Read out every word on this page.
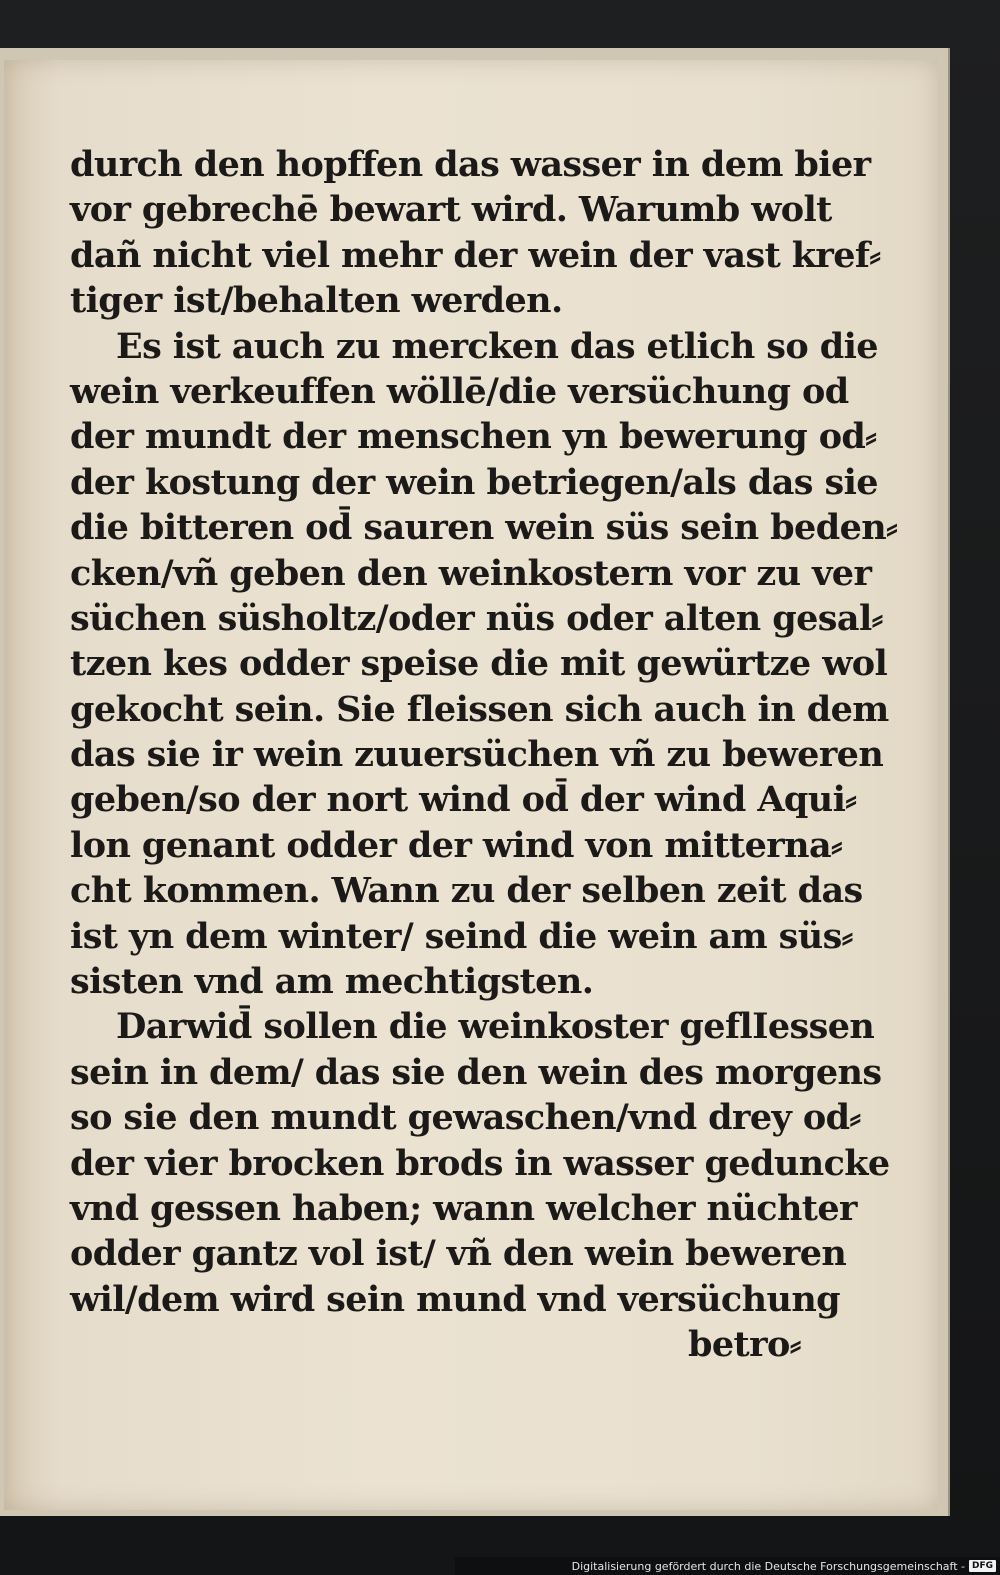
durch den hopffen das wasser in dem bier
vor gebrechē bewart wird. Warumb wolt
dañ nicht viel mehr der wein der vast kref⸗
tiger ist/behalten werden.
Es ist auch zu mercken das etlich so die
wein verkeuffen wöllē/die versüchung od
der mundt der menschen yn bewerung od⸗
der kostung der wein betriegen/als das sie
die bitteren od̄ sauren wein süs sein beden⸗
cken/vñ geben den weinkostern vor zu ver
süchen süsholtz/oder nüs oder alten gesal⸗
tzen kes odder speise die mit gewürtze wol
gekocht sein. Sie fleissen sich auch in dem
das sie ir wein zuuersüchen vñ zu beweren
geben/so der nort wind od̄ der wind Aqui⸗
lon genant odder der wind von mitterna⸗
cht kommen. Wann zu der selben zeit das
ist yn dem winter/ seind die wein am süs⸗
sisten vnd am mechtigsten.
Darwid̄ sollen die weinkoster geflIessen
sein in dem/ das sie den wein des morgens
so sie den mundt gewaschen/vnd drey od⸗
der vier brocken brods in wasser geduncke
vnd gessen haben; wann welcher nüchter
odder gantz vol ist/ vñ den wein beweren
wil/dem wird sein mund vnd versüchung
betro⸗
Digitalisierung gefördert durch die Deutsche Forschungsgemeinschaft - DFG
